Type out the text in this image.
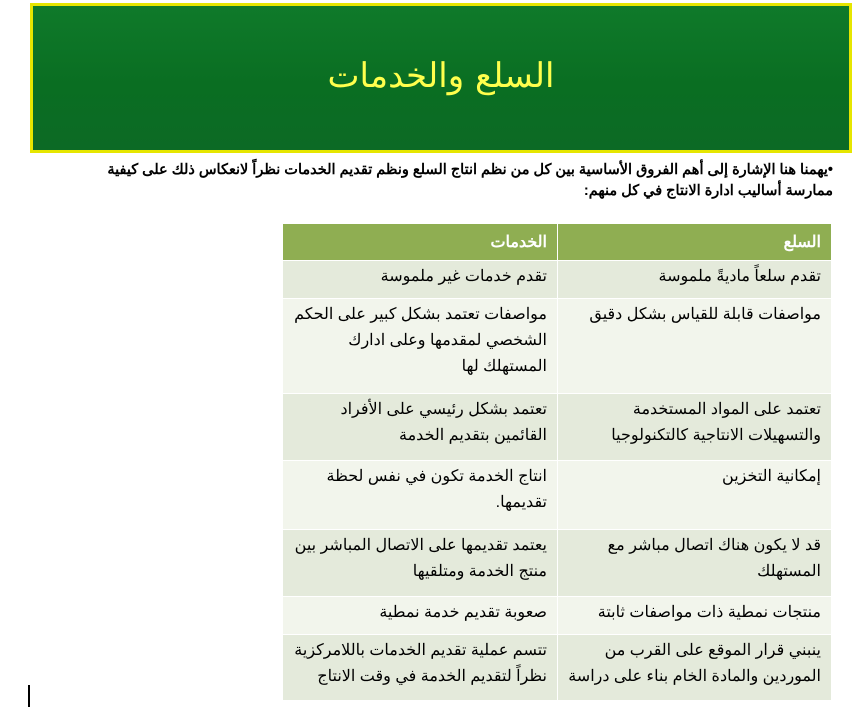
السلع والخدمات
•يهمنا هنا الإشارة إلى أهم الفروق الأساسية بين كل من نظم انتاج السلع ونظم تقديم الخدمات نظراً لانعكاس ذلك على كيفية ممارسة أساليب ادارة الانتاج في كل منهم:
السلع
الخدمات
تقدم سلعاً ماديةً ملموسة
تقدم خدمات غير ملموسة
مواصفات قابلة للقياس بشكل دقيق
مواصفات تعتمد بشكل كبير على الحكم الشخصي لمقدمها وعلى ادارك المستهلك لها
تعتمد على المواد المستخدمة والتسهيلات الانتاجية كالتكنولوجيا
تعتمد بشكل رئيسي على الأفراد القائمين بتقديم الخدمة
إمكانية التخزين
انتاج الخدمة تكون في نفس لحظة تقديمها.
قد لا يكون هناك اتصال مباشر مع المستهلك
يعتمد تقديمها على الاتصال المباشر بين منتج الخدمة ومتلقيها
منتجات نمطية ذات مواصفات ثابتة
صعوبة تقديم خدمة نمطية
ينبني قرار الموقع على القرب من الموردين والمادة الخام بناء على دراسة
تتسم عملية تقديم الخدمات باللامركزية نظراً لتقديم الخدمة في وقت الانتاج
